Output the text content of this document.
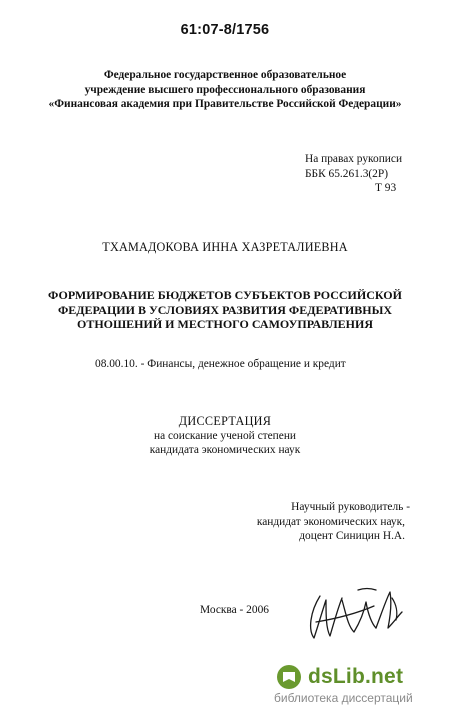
61:07-8/1756
Федеральное государственное образовательное
учреждение высшего профессионального образования
«Финансовая академия при Правительстве Российской Федерации»
На правах рукописи
ББК 65.261.3(2Р)
Т 93
ТХАМАДОКОВА ИННА ХАЗРЕТАЛИЕВНА
ФОРМИРОВАНИЕ БЮДЖЕТОВ СУБЪЕКТОВ РОССИЙСКОЙ
ФЕДЕРАЦИИ В УСЛОВИЯХ РАЗВИТИЯ ФЕДЕРАТИВНЫХ
ОТНОШЕНИЙ И МЕСТНОГО САМОУПРАВЛЕНИЯ
08.00.10. - Финансы, денежное обращение и кредит
ДИССЕРТАЦИЯ
на соискание ученой степени
кандидата экономических наук
Научный руководитель -
кандидат экономических наук,
доцент Синицин Н.А.
Москва - 2006
dsLib.net
библиотека диссертаций
